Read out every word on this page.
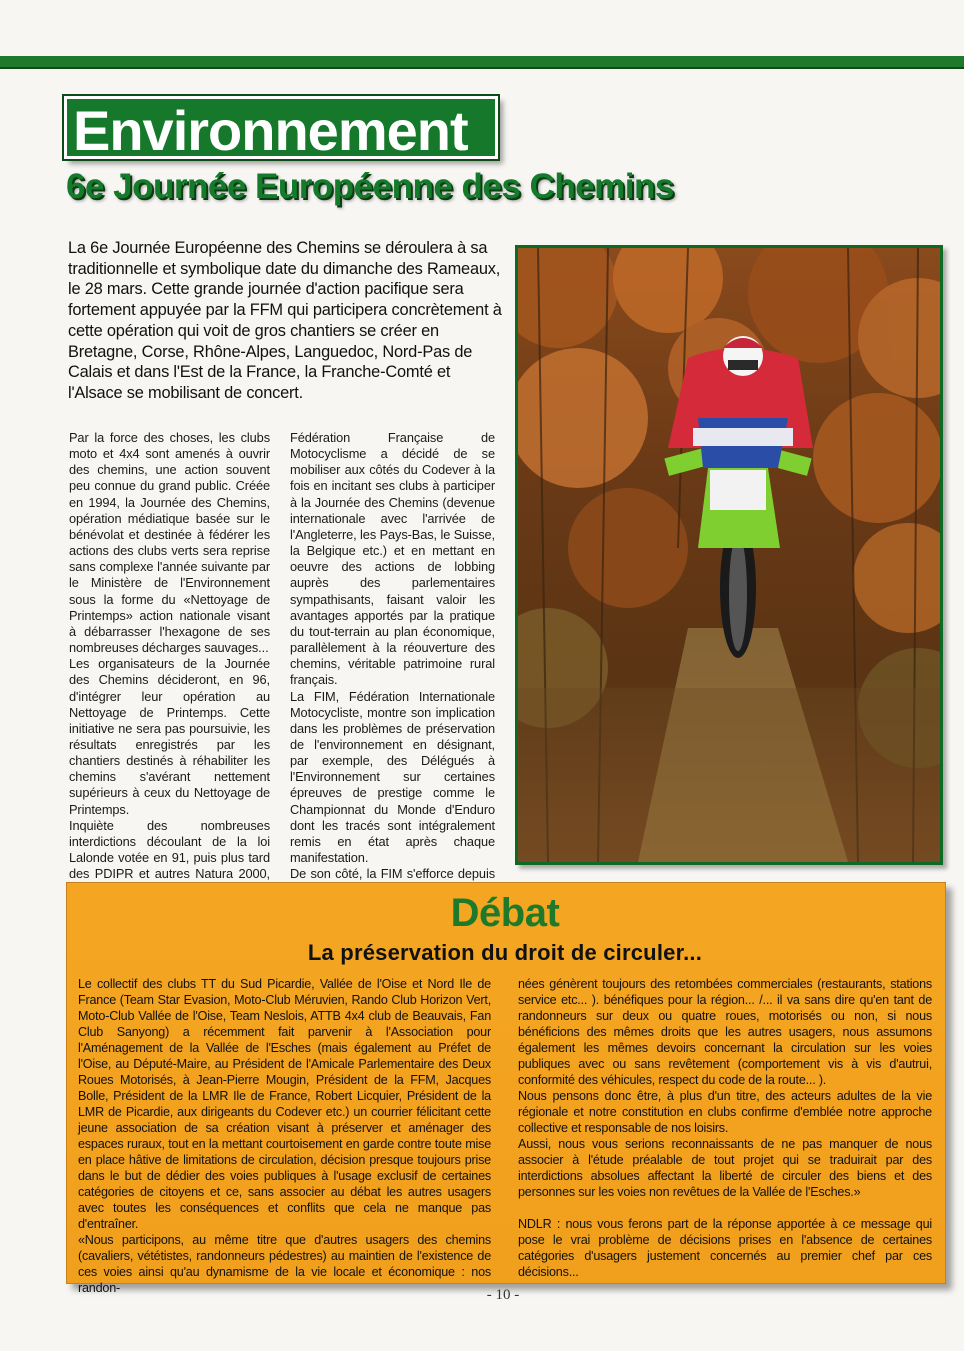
Environnement
6e Journée Européenne des Chemins
La 6e Journée Européenne des Chemins se déroulera à sa traditionnelle et symbolique date du dimanche des Rameaux, le 28 mars. Cette grande journée d'action pacifique sera fortement appuyée par la FFM qui participera concrètement à cette opération qui voit de gros chantiers se créer en Bretagne, Corse, Rhône-Alpes, Languedoc, Nord-Pas de Calais et dans l'Est de la France, la Franche-Comté et l'Alsace se mobilisant de concert.

Par la force des choses, les clubs moto et 4x4 sont amenés à ouvrir des chemins, une action souvent peu connue du grand public. Créée en 1994, la Journée des Chemins, opération médiatique basée sur le bénévolat et destinée à fédérer les actions des clubs verts sera reprise sans complexe l'année suivante par le Ministère de l'Environnement sous la forme du «Nettoyage de Printemps» action nationale visant à débarrasser l'hexagone de ses nombreuses décharges sauvages...

Les organisateurs de la Journée des Chemins décideront, en 96, d'intégrer leur opération au Nettoyage de Printemps. Cette initiative ne sera pas poursuivie, les résultats enregistrés par les chantiers destinés à réhabiliter les chemins s'avérant nettement supérieurs à ceux du Nettoyage de Printemps.

Inquiète des nombreuses interdictions découlant de la loi Lalonde votée en 91, puis plus tard des PDIPR et autres Natura 2000,

Fédération Française de Motocyclisme a décidé de se mobiliser aux côtés du Codever à la fois en incitant ses clubs à participer à la Journée des Chemins (devenue internationale avec l'arrivée de l'Angleterre, les Pays-Bas, le Suisse, la Belgique etc.) et en mettant en oeuvre des actions de lobbing auprès des parlementaires sympathisants, faisant valoir les avantages apportés par la pratique du tout-terrain au plan économique, parallèlement à la réouverture des chemins, véritable patrimoine rural français.

La FIM, Fédération Internationale Motocycliste, montre son implication dans les problèmes de préservation de l'environnement en désignant, par exemple, des Délégués à l'Environnement sur certaines épreuves de prestige comme le Championnat du Monde d'Enduro dont les tracés sont intégralement remis en état après chaque manifestation.

De son côté, la FIM s'efforce depuis

Débat
La préservation du droit de circuler...

Le collectif des clubs TT du Sud Picardie, Vallée de l'Oise et Nord Ile de France (Team Star Evasion, Moto-Club Méruvien, Rando Club Horizon Vert, Moto-Club Vallée de l'Oise, Team Neslois, ATTB 4x4 club de Beauvais, Fan Club Sanyong) a récemment fait parvenir à l'Association pour l'Aménagement de la Vallée de l'Esches (mais également au Préfet de l'Oise, au Député-Maire, au Président de l'Amicale Parlementaire des Deux Roues Motorisés, à Jean-Pierre Mougin, Président de la FFM, Jacques Bolle, Président de la LMR Ile de France, Robert Licquier, Président de la LMR de Picardie, aux dirigeants du Codever etc.) un courrier félicitant cette jeune association de sa création visant à préserver et aménager des espaces ruraux, tout en la mettant courtoisement en garde contre toute mise en place hâtive de limitations de circulation, décision presque toujours prise dans le but de dédier des voies publiques à l'usage exclusif de certaines catégories de citoyens et ce, sans associer au débat les autres usagers avec toutes les conséquences et conflits que cela ne manque pas d'entraîner.

«Nous participons, au même titre que d'autres usagers des chemins (cavaliers, vététistes, randonneurs pédestres) au maintien de l'existence de ces voies ainsi qu'au dynamisme de la vie locale et économique : nos randon-

nées génèrent toujours des retombées commerciales (restaurants, stations service etc... ). bénéfiques pour la région... /... il va sans dire qu'en tant de randonneurs sur deux ou quatre roues, motorisés ou non, si nous bénéficions des mêmes droits que les autres usagers, nous assumons également les mêmes devoirs concernant la circulation sur les voies publiques avec ou sans revêtement (comportement vis à vis d'autrui, conformité des véhicules, respect du code de la route... ).

Nous pensons donc être, à plus d'un titre, des acteurs adultes de la vie régionale et notre constitution en clubs confirme d'emblée notre approche collective et responsable de nos loisirs.

Aussi, nous vous serions reconnaissants de ne pas manquer de nous associer à l'étude préalable de tout projet qui se traduirait par des interdictions absolues affectant la liberté de circuler des biens et des personnes sur les voies non revêtues de la Vallée de l'Esches.»

NDLR : nous vous ferons part de la réponse apportée à ce message qui pose le vrai problème de décisions prises en l'absence de certaines catégories d'usagers justement concernés au premier chef par ces décisions...

- 10 -
